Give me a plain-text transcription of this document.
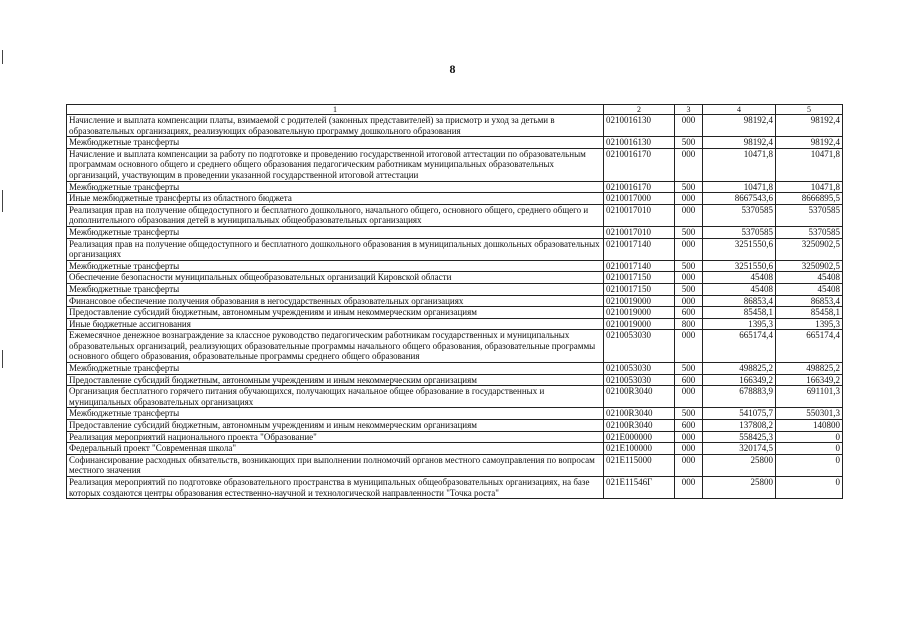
8
1	2	3	4	5
Начисление и выплата компенсации платы, взимаемой с родителей (законных представителей) за присмотр и уход за детьми в образовательных организациях, реализующих образовательную программу дошкольного образования	0210016130	000	98192,4	98192,4
Межбюджетные трансферты	0210016130	500	98192,4	98192,4
Начисление и выплата компенсации за работу по подготовке и проведению государственной итоговой аттестации по образовательным программам основного общего и среднего общего образования педагогическим работникам муниципальных образовательных организаций, участвующим в проведении указанной государственной итоговой аттестации	0210016170	000	10471,8	10471,8
Межбюджетные трансферты	0210016170	500	10471,8	10471,8
Иные межбюджетные трансферты из областного бюджета	0210017000	000	8667543,6	8666895,5
Реализация прав на получение общедоступного и бесплатного дошкольного, начального общего, основного общего, среднего общего и дополнительного образования детей в муниципальных общеобразовательных организациях	0210017010	000	5370585	5370585
Межбюджетные трансферты	0210017010	500	5370585	5370585
Реализация прав на получение общедоступного и бесплатного дошкольного образования в муниципальных дошкольных образовательных организациях	0210017140	000	3251550,6	3250902,5
Межбюджетные трансферты	0210017140	500	3251550,6	3250902,5
Обеспечение безопасности муниципальных общеобразовательных организаций Кировской области	0210017150	000	45408	45408
Межбюджетные трансферты	0210017150	500	45408	45408
Финансовое обеспечение получения образования в негосударственных образовательных организациях	0210019000	000	86853,4	86853,4
Предоставление субсидий бюджетным, автономным учреждениям и иным некоммерческим организациям	0210019000	600	85458,1	85458,1
Иные бюджетные ассигнования	0210019000	800	1395,3	1395,3
Ежемесячное денежное вознаграждение за классное руководство педагогическим работникам государственных и муниципальных образовательных организаций, реализующих образовательные программы начального общего образования, образовательные программы основного общего образования, образовательные программы среднего общего образования	0210053030	000	665174,4	665174,4
Межбюджетные трансферты	0210053030	500	498825,2	498825,2
Предоставление субсидий бюджетным, автономным учреждениям и иным некоммерческим организациям	0210053030	600	166349,2	166349,2
Организация бесплатного горячего питания обучающихся, получающих начальное общее образование в государственных и муниципальных образовательных организациях	02100R3040	000	678883,9	691101,3
Межбюджетные трансферты	02100R3040	500	541075,7	550301,3
Предоставление субсидий бюджетным, автономным учреждениям и иным некоммерческим организациям	02100R3040	600	137808,2	140800
Реализация мероприятий национального проекта "Образование"	021E000000	000	558425,3	0
Федеральный проект "Современная школа"	021E100000	000	320174,5	0
Софинансирование расходных обязательств, возникающих при выполнении полномочий органов местного самоуправления по вопросам местного значения	021E115000	000	25800	0
Реализация мероприятий по подготовке образовательного пространства в муниципальных общеобразовательных организациях, на базе которых создаются центры образования естественно-научной и технологической направленности "Точка роста"	021E11546Г	000	25800	0
